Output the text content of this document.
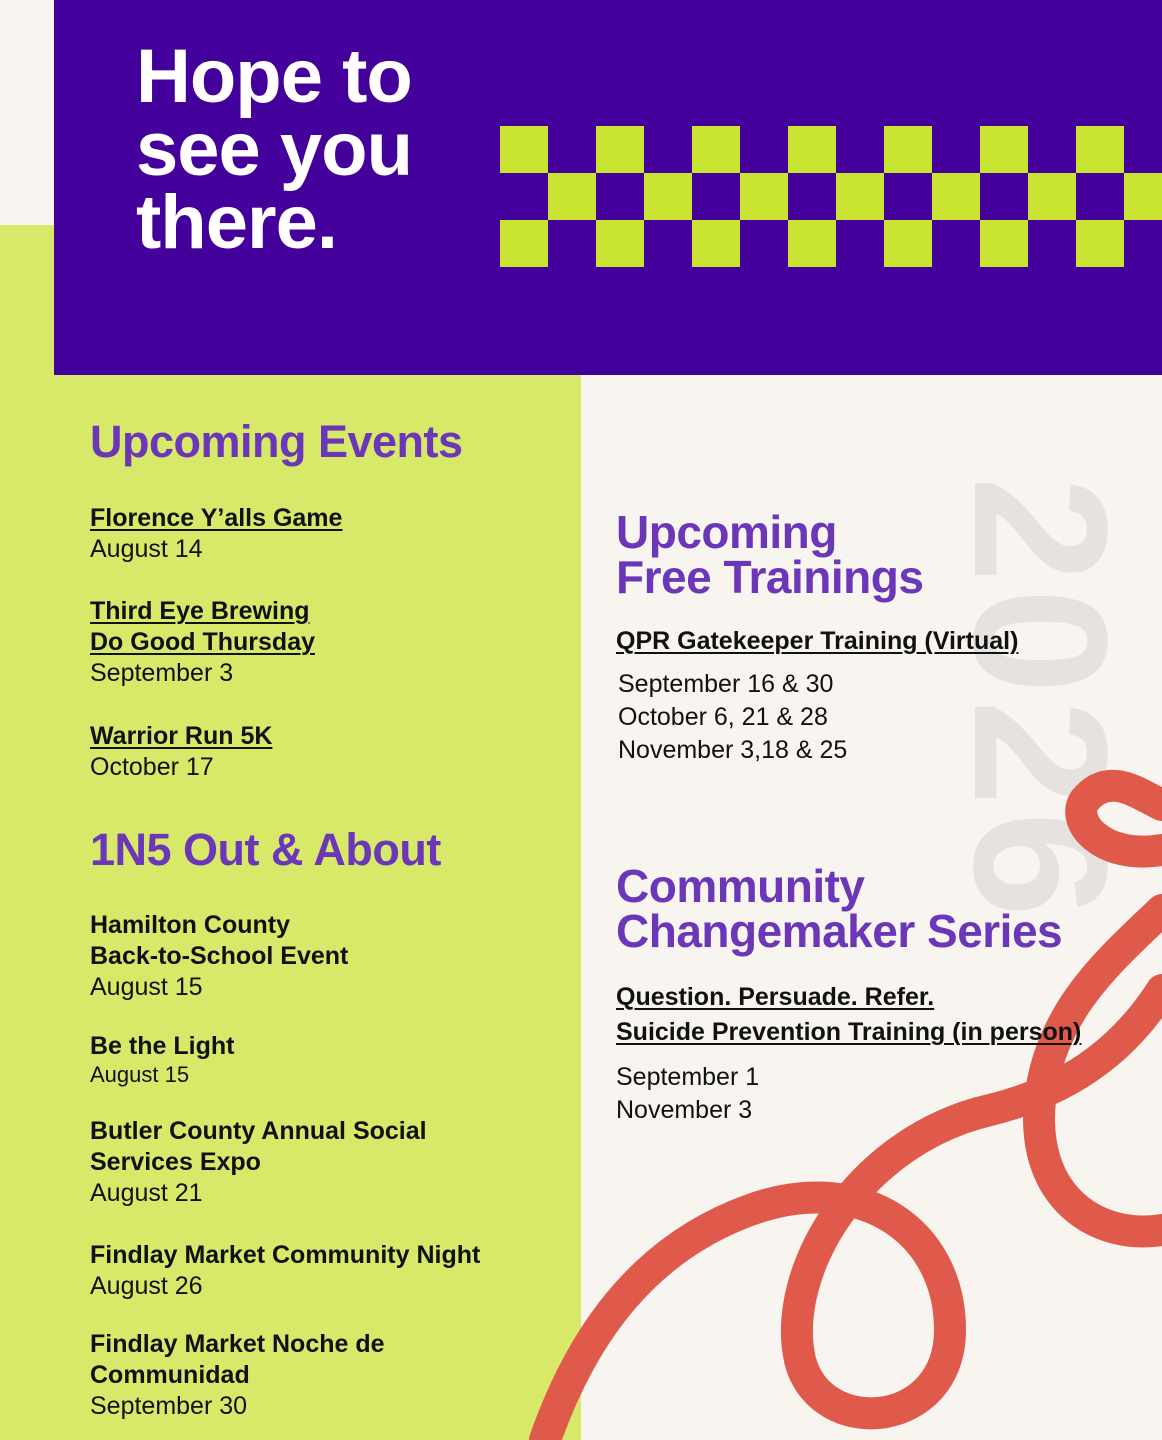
2026
Hope to
see you
there.
Upcoming Events
Florence Y’alls Game
August 14
Third Eye Brewing
Do Good Thursday
September 3
Warrior Run 5K
October 17
1N5 Out & About
Hamilton County
Back-to-School Event
August 15
Be the Light
August 15
Butler County Annual Social
Services Expo
August 21
Findlay Market Community Night
August 26
Findlay Market Noche de
Communidad
September 30
Upcoming
Free Trainings
QPR Gatekeeper Training (Virtual)
September 16 & 30
October 6, 21 & 28
November 3,18 & 25
Community
Changemaker Series
Question. Persuade. Refer.
Suicide Prevention Training (in person)
September 1
November 3
